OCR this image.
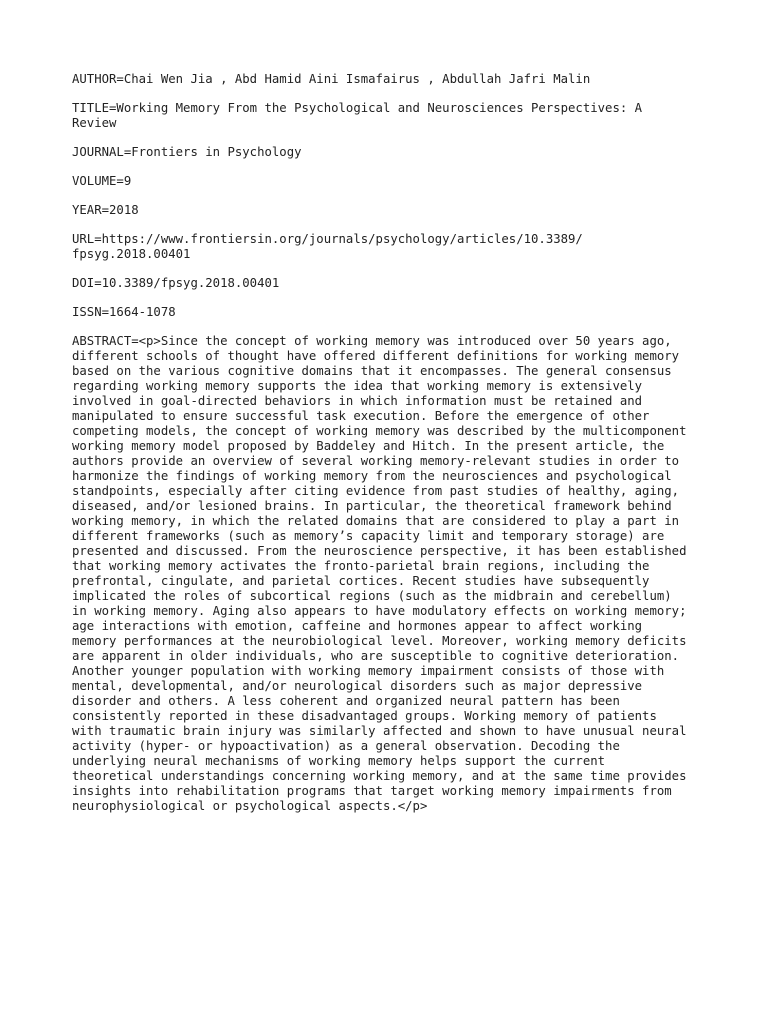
AUTHOR=Chai Wen Jia , Abd Hamid Aini Ismafairus , Abdullah Jafri Malin
TITLE=Working Memory From the Psychological and Neurosciences Perspectives: A
Review
JOURNAL=Frontiers in Psychology
VOLUME=9
YEAR=2018
URL=https://www.frontiersin.org/journals/psychology/articles/10.3389/
fpsyg.2018.00401
DOI=10.3389/fpsyg.2018.00401
ISSN=1664-1078
ABSTRACT=<p>Since the concept of working memory was introduced over 50 years ago,
different schools of thought have offered different definitions for working memory
based on the various cognitive domains that it encompasses. The general consensus
regarding working memory supports the idea that working memory is extensively
involved in goal-directed behaviors in which information must be retained and
manipulated to ensure successful task execution. Before the emergence of other
competing models, the concept of working memory was described by the multicomponent
working memory model proposed by Baddeley and Hitch. In the present article, the
authors provide an overview of several working memory-relevant studies in order to
harmonize the findings of working memory from the neurosciences and psychological
standpoints, especially after citing evidence from past studies of healthy, aging,
diseased, and/or lesioned brains. In particular, the theoretical framework behind
working memory, in which the related domains that are considered to play a part in
different frameworks (such as memory’s capacity limit and temporary storage) are
presented and discussed. From the neuroscience perspective, it has been established
that working memory activates the fronto-parietal brain regions, including the
prefrontal, cingulate, and parietal cortices. Recent studies have subsequently
implicated the roles of subcortical regions (such as the midbrain and cerebellum)
in working memory. Aging also appears to have modulatory effects on working memory;
age interactions with emotion, caffeine and hormones appear to affect working
memory performances at the neurobiological level. Moreover, working memory deficits
are apparent in older individuals, who are susceptible to cognitive deterioration.
Another younger population with working memory impairment consists of those with
mental, developmental, and/or neurological disorders such as major depressive
disorder and others. A less coherent and organized neural pattern has been
consistently reported in these disadvantaged groups. Working memory of patients
with traumatic brain injury was similarly affected and shown to have unusual neural
activity (hyper- or hypoactivation) as a general observation. Decoding the
underlying neural mechanisms of working memory helps support the current
theoretical understandings concerning working memory, and at the same time provides
insights into rehabilitation programs that target working memory impairments from
neurophysiological or psychological aspects.</p>
